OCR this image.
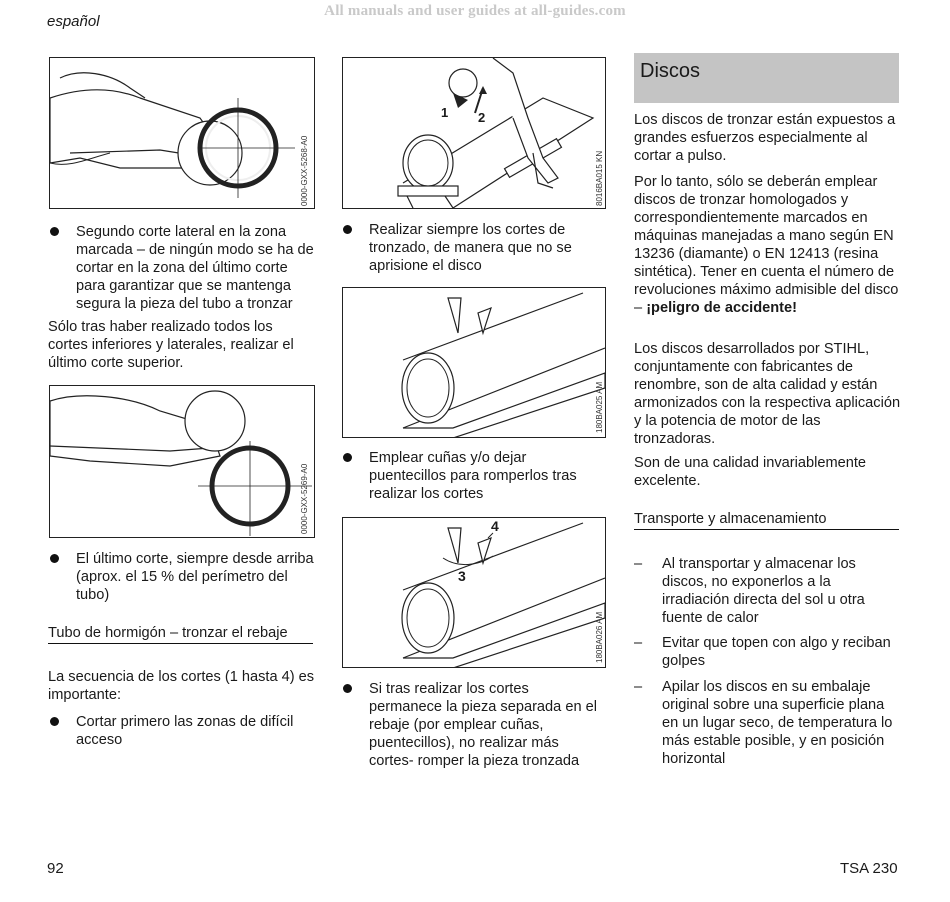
All manuals and user guides at all-guides.com
español
0000-GXX-5268-A0
Segundo corte lateral en la zona marcada – de ningún modo se ha de cortar en la zona del último corte para garantizar que se mantenga segura la pieza del tubo a tronzar

Sólo tras haber realizado todos los cortes inferiores y laterales, realizar el último corte superior.

0000-GXX-5269-A0
El último corte, siempre desde arriba (aprox. el 15 % del perímetro del tubo)
Tubo de hormigón – tronzar el rebaje

La secuencia de los cortes (1 hasta 4) es importante:

Cortar primero las zonas de difícil acceso
1 2
8016BA015 KN
Realizar siempre los cortes de tronzado, de manera que no se aprisione el disco
180BA025 AM
Emplear cuñas y/o dejar puentecillos para romperlos tras realizar los cortes
4
3
180BA026 AM
Si tras realizar los cortes permanece la pieza separada en el rebaje (por emplear cuñas, puentecillos), no realizar más cortes- romper la pieza tronzada
Discos

Los discos de tronzar están expuestos a grandes esfuerzos especialmente al cortar a pulso.

Por lo tanto, sólo se deberán emplear discos de tronzar homologados y correspondientemente marcados en máquinas manejadas a mano según EN 13236 (diamante) o EN 12413 (resina sintética). Tener en cuenta el número de revoluciones máximo admisible del disco – ¡peligro de accidente!

Los discos desarrollados por STIHL, conjuntamente con fabricantes de renombre, son de alta calidad y están armonizados con la respectiva aplicación y la potencia de motor de las tronzadoras.

Son de una calidad invariablemente excelente.

Transporte y almacenamiento
– Al transportar y almacenar los discos, no exponerlos a la irradiación directa del sol u otra fuente de calor
– Evitar que topen con algo y reciban golpes
– Apilar los discos en su embalaje original sobre una superficie plana en un lugar seco, de temperatura lo más estable posible, y en posición horizontal
92	TSA 230
